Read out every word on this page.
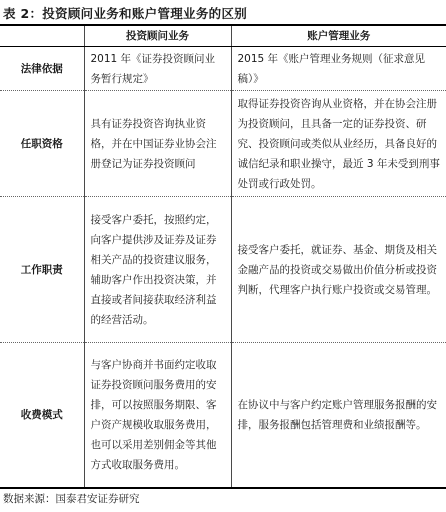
表 2：投资顾问业务和账户管理业务的区别
	投资顾问业务	账户管理业务
法律依据	2011 年《证券投资顾问业务暂行规定》	2015 年《账户管理业务规则（征求意见稿）》
任职资格	具有证券投资咨询执业资格，并在中国证券业协会注册登记为证券投资顾问	取得证券投资咨询从业资格，并在协会注册为投资顾问，且具备一定的证券投资、研究、投资顾问或类似从业经历，具备良好的诚信纪录和职业操守，最近 3 年未受到刑事处罚或行政处罚。
工作职责	接受客户委托，按照约定，向客户提供涉及证券及证券相关产品的投资建议服务，辅助客户作出投资决策，并直接或者间接获取经济利益的经营活动。	接受客户委托，就证券、基金、期货及相关金融产品的投资或交易做出价值分析或投资判断，代理客户执行账户投资或交易管理。
收费模式	与客户协商并书面约定收取证券投资顾问服务费用的安排，可以按照服务期限、客户资产规模收取服务费用，也可以采用差别佣金等其他方式收取服务费用。	在协议中与客户约定账户管理服务报酬的安排，服务报酬包括管理费和业绩报酬等。
数据来源：国泰君安证券研究
